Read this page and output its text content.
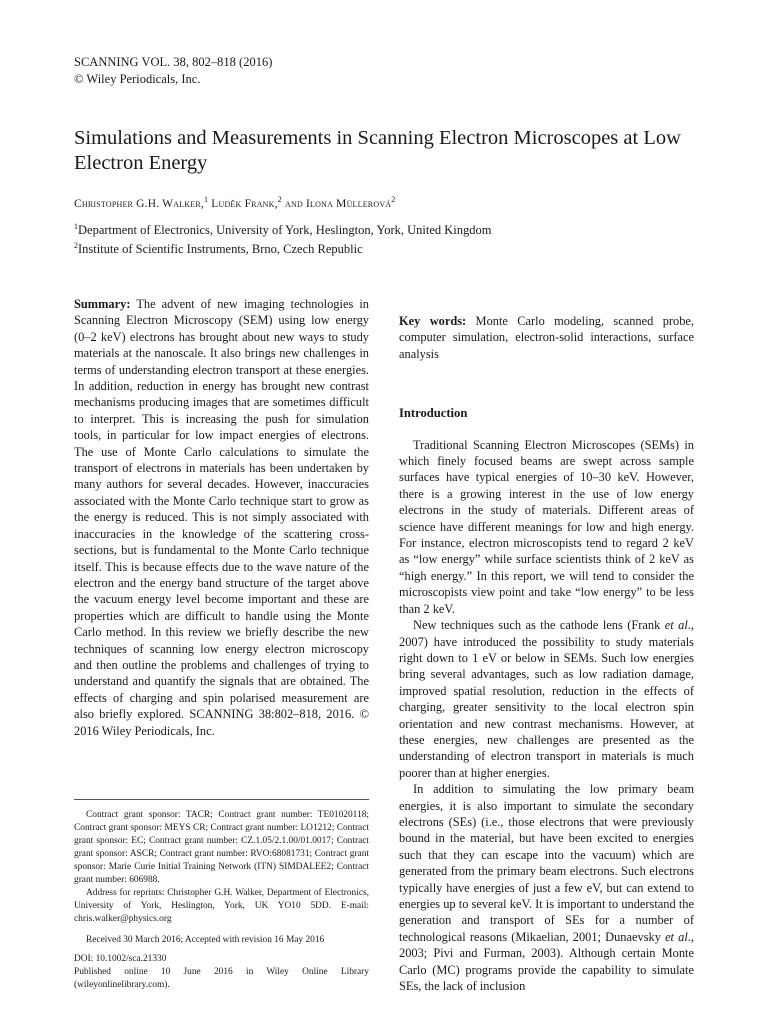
SCANNING VOL. 38, 802–818 (2016)
© Wiley Periodicals, Inc.
Simulations and Measurements in Scanning Electron Microscopes at Low Electron Energy
Christopher G.H. Walker,$^1$ Luděk Frank,$^2$ and Ilona Müllerová$^2$
$^1$Department of Electronics, University of York, Heslington, York, United Kingdom
$^2$Institute of Scientific Instruments, Brno, Czech Republic

Summary: The advent of new imaging technologies in Scanning Electron Microscopy (SEM) using low energy (0–2 keV) electrons has brought about new ways to study materials at the nanoscale. It also brings new challenges in terms of understanding electron transport at these energies. In addition, reduction in energy has brought new contrast mechanisms producing images that are sometimes difficult to interpret. This is increasing the push for simulation tools, in particular for low impact energies of electrons. The use of Monte Carlo calculations to simulate the transport of electrons in materials has been undertaken by many authors for several decades. However, inaccuracies associated with the Monte Carlo technique start to grow as the energy is reduced. This is not simply associated with inaccuracies in the knowledge of the scattering cross-sections, but is fundamental to the Monte Carlo technique itself. This is because effects due to the wave nature of the electron and the energy band structure of the target above the vacuum energy level become important and these are properties which are difficult to handle using the Monte Carlo method. In this review we briefly describe the new techniques of scanning low energy electron microscopy and then outline the problems and challenges of trying to understand and quantify the signals that are obtained. The effects of charging and spin polarised measurement are also briefly explored. SCANNING 38:802–818, 2016. © 2016 Wiley Periodicals, Inc.

Contract grant sponsor: TACR; Contract grant number: TE01020118; Contract grant sponsor: MEYS CR; Contract grant number: LO1212; Contract grant sponsor: EC; Contract grant number: CZ.1.05/2.1.00/01.0017; Contract grant sponsor: ASCR; Contract grant number: RVO:68081731; Contract grant sponsor: Marie Curie Initial Training Network (ITN) SIMDALEE2; Contract grant number: 606988.

Address for reprints: Christopher G.H. Walker, Department of Electronics, University of York, Heslington, York, UK YO10 5DD. E-mail: chris.walker@physics.org

Received 30 March 2016; Accepted with revision 16 May 2016

DOI: 10.1002/sca.21330

Published online 10 June 2016 in Wiley Online Library (wileyonlinelibrary.com).

Key words: Monte Carlo modeling, scanned probe, computer simulation, electron-solid interactions, surface analysis

Introduction

Traditional Scanning Electron Microscopes (SEMs) in which finely focused beams are swept across sample surfaces have typical energies of 10–30 keV. However, there is a growing interest in the use of low energy electrons in the study of materials. Different areas of science have different meanings for low and high energy. For instance, electron microscopists tend to regard 2 keV as “low energy” while surface scientists think of 2 keV as “high energy.” In this report, we will tend to consider the microscopists view point and take “low energy” to be less than 2 keV.

New techniques such as the cathode lens (Frank et al., 2007) have introduced the possibility to study materials right down to 1 eV or below in SEMs. Such low energies bring several advantages, such as low radiation damage, improved spatial resolution, reduction in the effects of charging, greater sensitivity to the local electron spin orientation and new contrast mechanisms. However, at these energies, new challenges are presented as the understanding of electron transport in materials is much poorer than at higher energies.

In addition to simulating the low primary beam energies, it is also important to simulate the secondary electrons (SEs) (i.e., those electrons that were previously bound in the material, but have been excited to energies such that they can escape into the vacuum) which are generated from the primary beam electrons. Such electrons typically have energies of just a few eV, but can extend to energies up to several keV. It is important to understand the generation and transport of SEs for a number of technological reasons (Mikaelian, 2001; Dunaevsky et al., 2003; Pivi and Furman, 2003). Although certain Monte Carlo (MC) programs provide the capability to simulate SEs, the lack of inclusion
